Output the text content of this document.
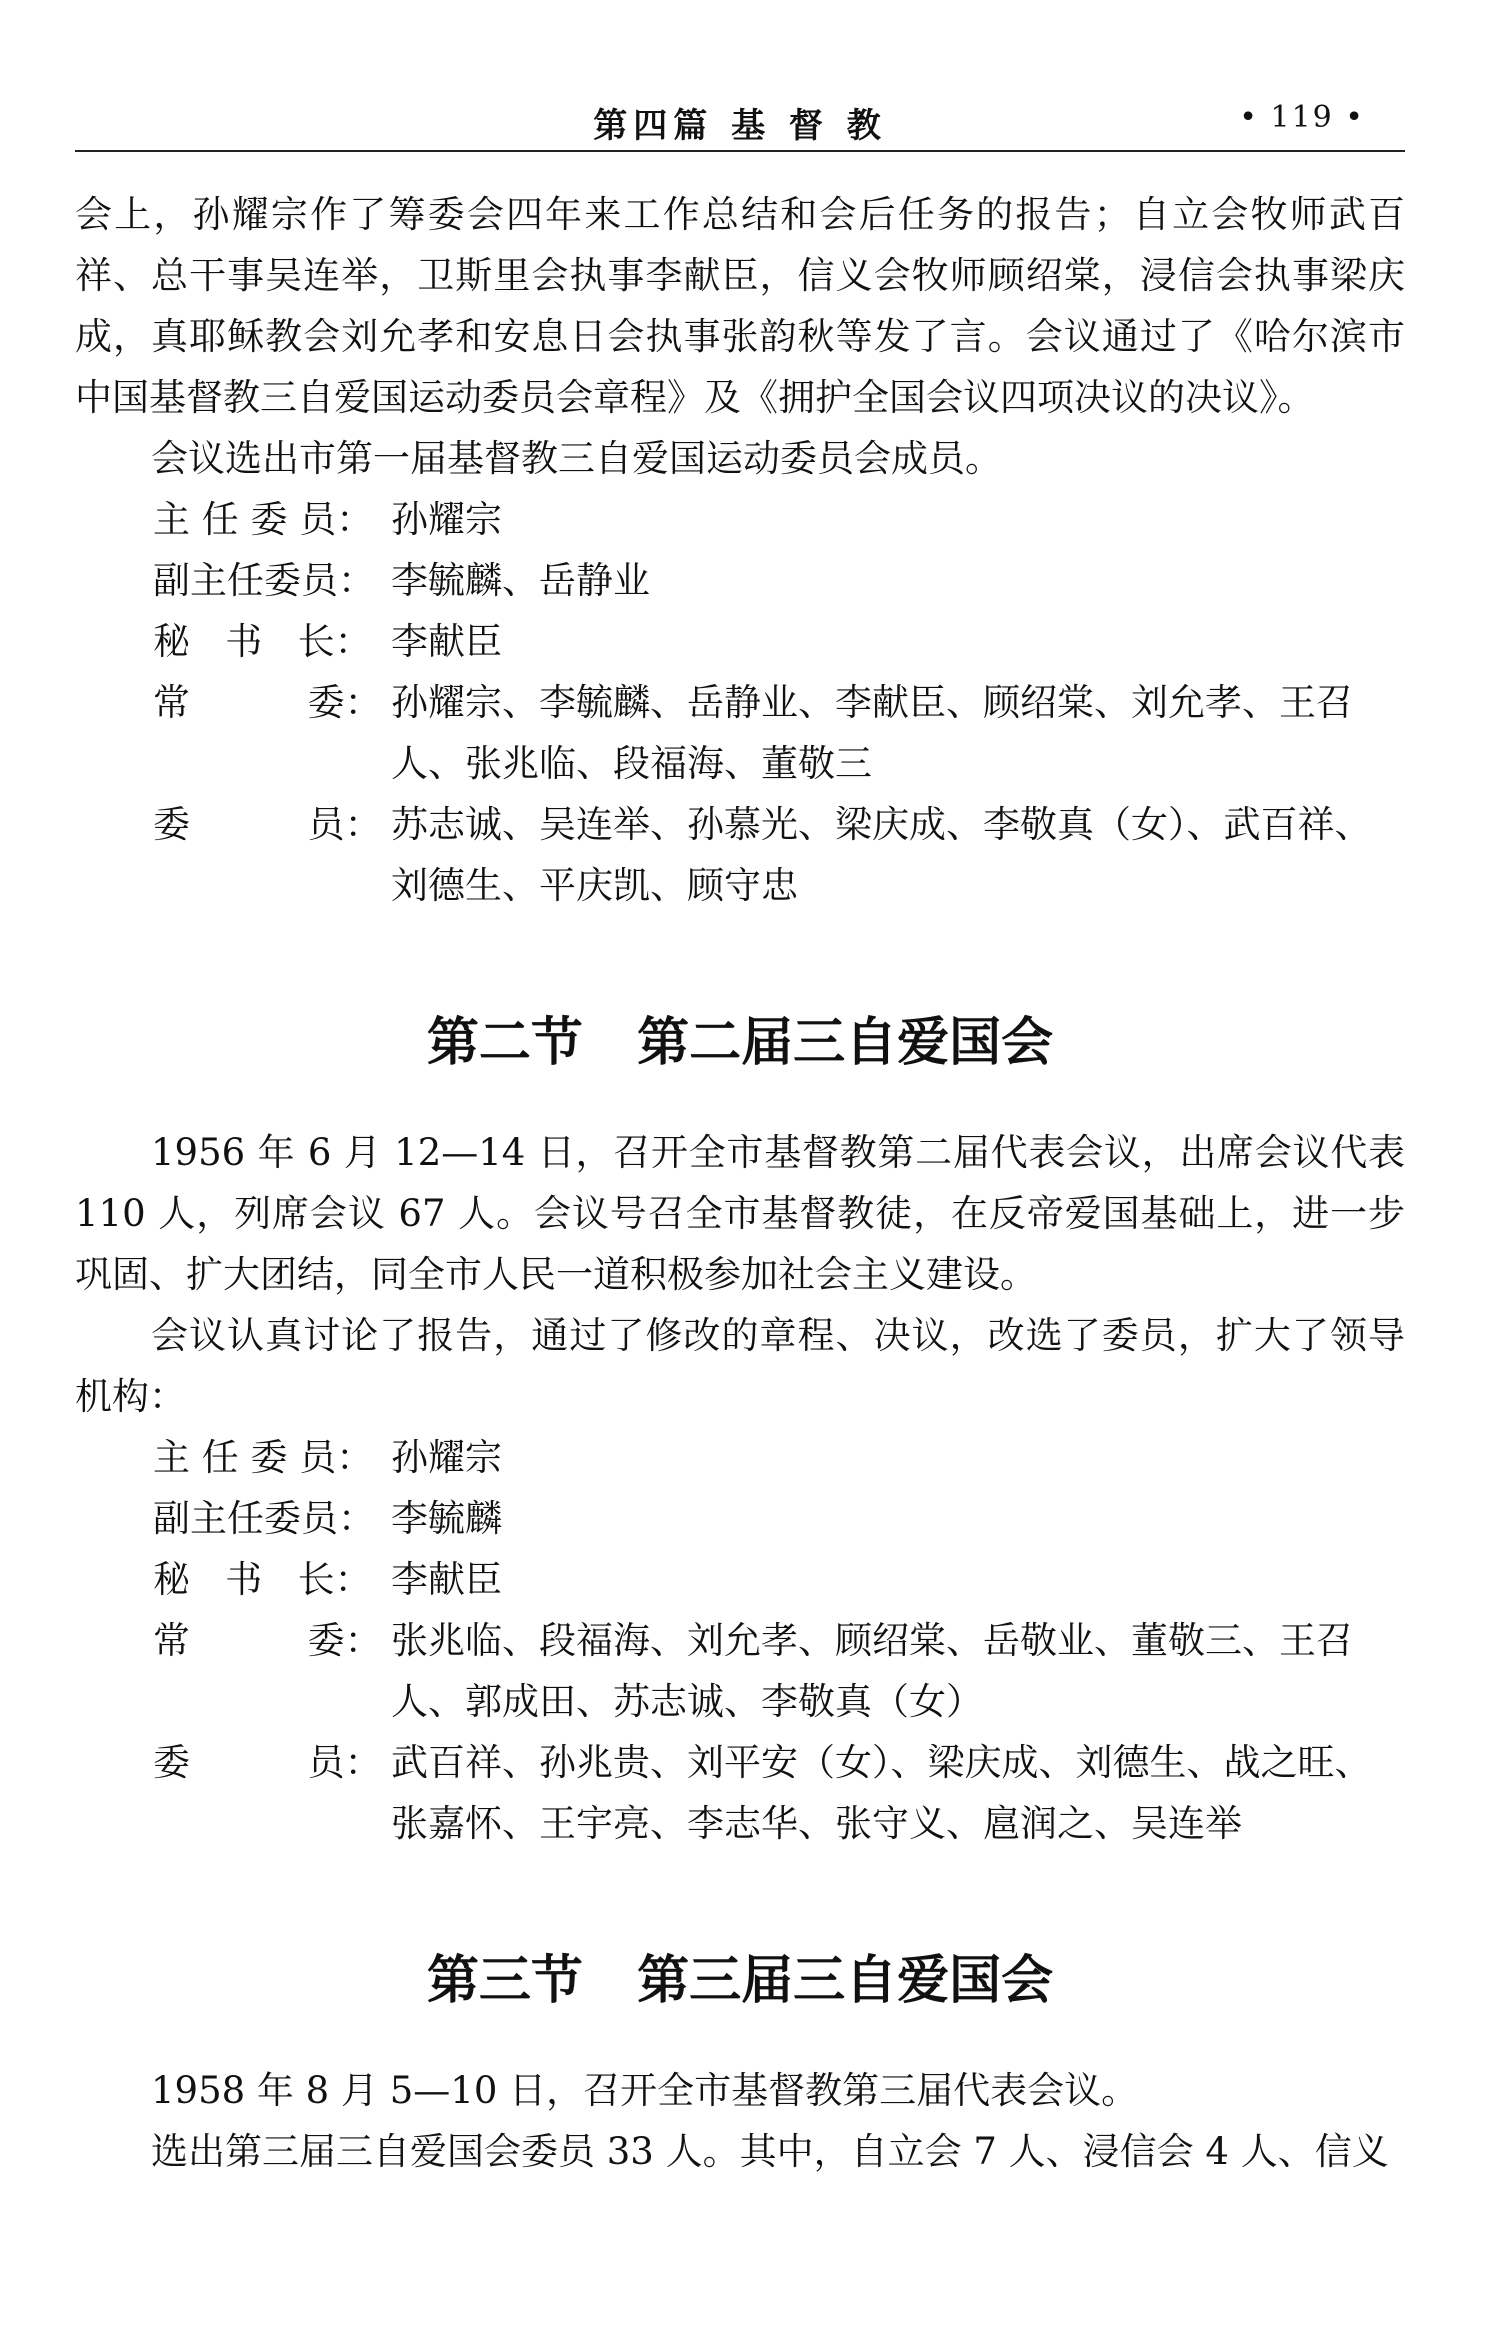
第四篇 基 督 教	• 119 •

会上，孙耀宗作了筹委会四年来工作总结和会后任务的报告；自立会牧师武百祥、总干事吴连举，卫斯里会执事李献臣，信义会牧师顾绍棠，浸信会执事梁庆成，真耶稣教会刘允孝和安息日会执事张韵秋等发了言。会议通过了《哈尔滨市中国基督教三自爱国运动委员会章程》及《拥护全国会议四项决议的决议》。

会议选出市第一届基督教三自爱国运动委员会成员。

主 任 委 员： 孙耀宗
副主任委员： 李毓麟、岳静业
秘   书   长： 李献臣
常          委： 孙耀宗、李毓麟、岳静业、李献臣、顾绍棠、刘允孝、王召人、张兆临、段福海、董敬三
委          员： 苏志诚、吴连举、孙慕光、梁庆成、李敬真（女）、武百祥、刘德生、平庆凯、顾守忠
第二节   第二届三自爱国会

1956 年 6 月 12—14 日，召开全市基督教第二届代表会议，出席会议代表 110 人，列席会议 67 人。会议号召全市基督教徒，在反帝爱国基础上，进一步巩固、扩大团结，同全市人民一道积极参加社会主义建设。

会议认真讨论了报告，通过了修改的章程、决议，改选了委员，扩大了领导机构：

主 任 委 员： 孙耀宗
副主任委员： 李毓麟
秘   书   长： 李献臣
常          委： 张兆临、段福海、刘允孝、顾绍棠、岳敬业、董敬三、王召人、郭成田、苏志诚、李敬真（女）
委          员： 武百祥、孙兆贵、刘平安（女）、梁庆成、刘德生、战之旺、张嘉怀、王宇亮、李志华、张守义、扈润之、吴连举
第三节   第三届三自爱国会

1958 年 8 月 5—10 日，召开全市基督教第三届代表会议。

选出第三届三自爱国会委员 33 人。其中，自立会 7 人、浸信会 4 人、信义
